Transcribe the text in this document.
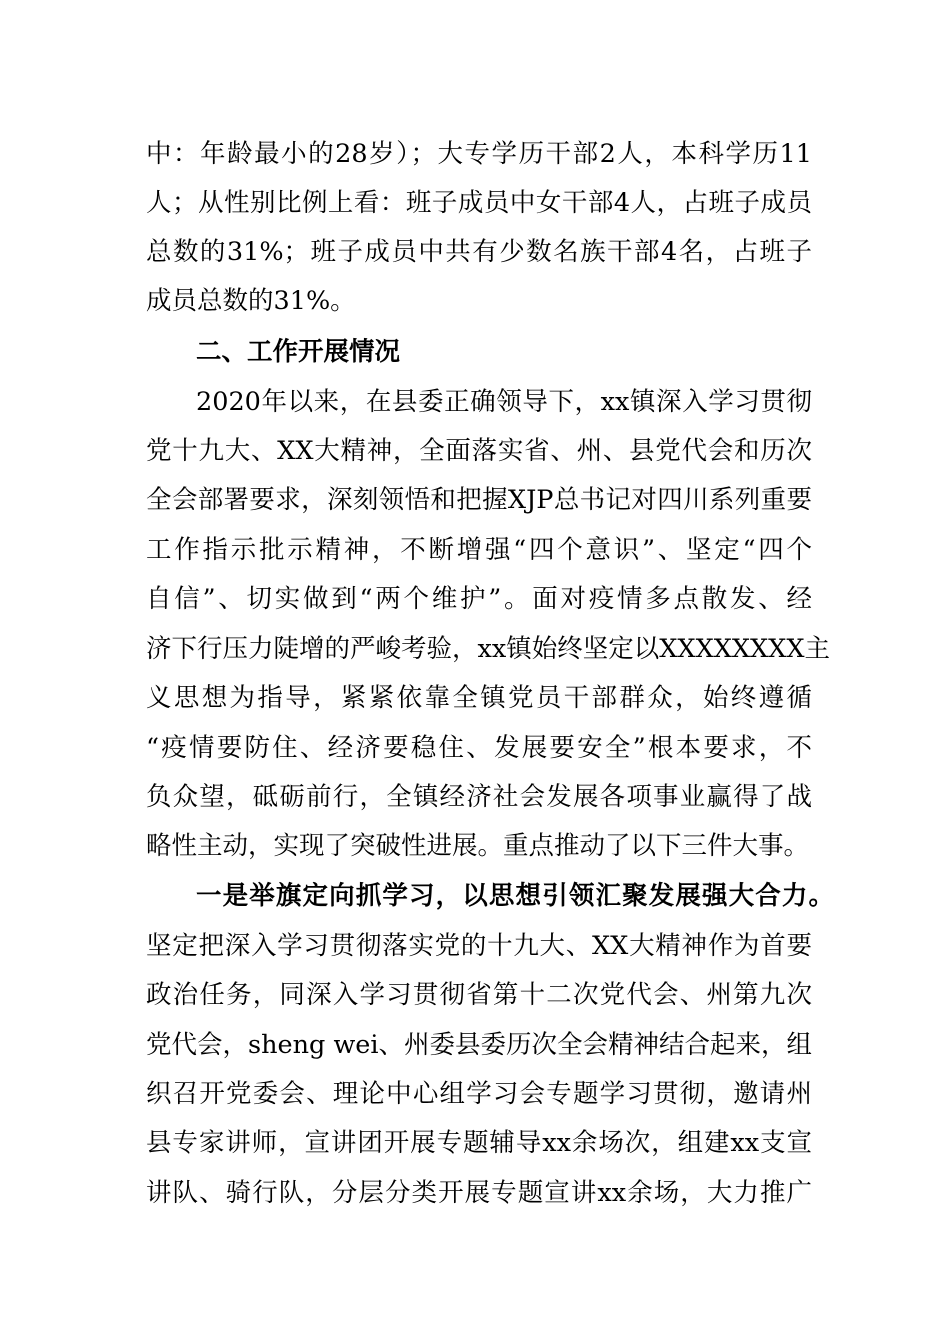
中：年龄最小的28岁）；大专学历干部2人，本科学历11
人；从性别比例上看：班子成员中女干部4人，占班子成员
总数的31%；班子成员中共有少数名族干部4名，占班子
成员总数的31%。
二、工作开展情况
2020年以来，在县委正确领导下，xx镇深入学习贯彻
党十九大、XX大精神，全面落实省、州、县党代会和历次
全会部署要求，深刻领悟和把握XJP总书记对四川系列重要
工作指示批示精神，不断增强“四个意识”、坚定“四个
自信”、切实做到“两个维护”。面对疫情多点散发、经
济下行压力陡增的严峻考验，xx镇始终坚定以XXXXXXXX主
义思想为指导，紧紧依靠全镇党员干部群众，始终遵循
“疫情要防住、经济要稳住、发展要安全”根本要求，不
负众望，砥砺前行，全镇经济社会发展各项事业赢得了战
略性主动，实现了突破性进展。重点推动了以下三件大事。
一是举旗定向抓学习，以思想引领汇聚发展强大合力。
坚定把深入学习贯彻落实党的十九大、XX大精神作为首要
政治任务，同深入学习贯彻省第十二次党代会、州第九次
党代会，sheng wei、州委县委历次全会精神结合起来，组
织召开党委会、理论中心组学习会专题学习贯彻，邀请州
县专家讲师，宣讲团开展专题辅导xx余场次，组建xx支宣
讲队、骑行队，分层分类开展专题宣讲xx余场，大力推广
